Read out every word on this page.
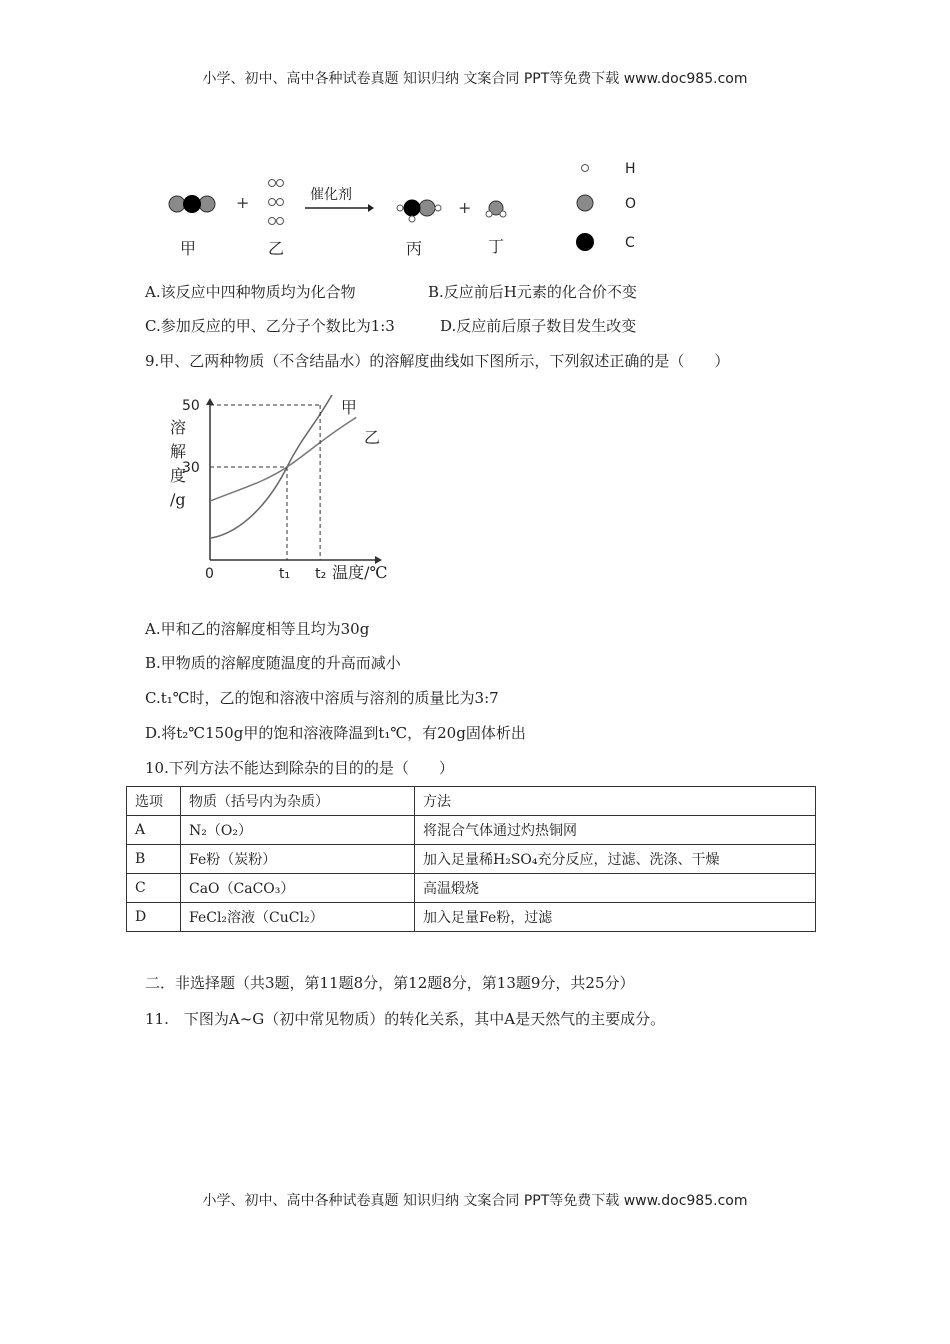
小学、初中、高中各种试卷真题 知识归纳 文案合同 PPT等免费下载 www.doc985.com
+	催化剂
+
甲	乙	丙	丁
H
O
C
A.该反应中四种物质均为化合物	B.反应前后H元素的化合价不变
C.参加反应的甲、乙分子个数比为1:3	D.反应前后原子数目发生改变
9.甲、乙两种物质（不含结晶水）的溶解度曲线如下图所示，下列叙述正确的是（　　）
甲
乙
30
50
0	t₁ t₂ 温度/℃
溶
解
度
/g
A.甲和乙的溶解度相等且均为30g
B.甲物质的溶解度随温度的升高而减小
C.t₁℃时，乙的饱和溶液中溶质与溶剂的质量比为3:7
D.将t₂℃150g甲的饱和溶液降温到t₁℃，有20g固体析出
10.下列方法不能达到除杂的目的的是（　　）
选项	物质（括号内为杂质）	方法
A	N₂（O₂）	将混合气体通过灼热铜网
B	Fe粉（炭粉）	加入足量稀H₂SO₄充分反应，过滤、洗涤、干燥
C	CaO（CaCO₃）	高温煅烧
D	FeCl₂溶液（CuCl₂）	加入足量Fe粉，过滤
二．非选择题（共3题，第11题8分，第12题8分，第13题9分，共25分）
11.　下图为A~G（初中常见物质）的转化关系，其中A是天然气的主要成分。
小学、初中、高中各种试卷真题 知识归纳 文案合同 PPT等免费下载 www.doc985.com
